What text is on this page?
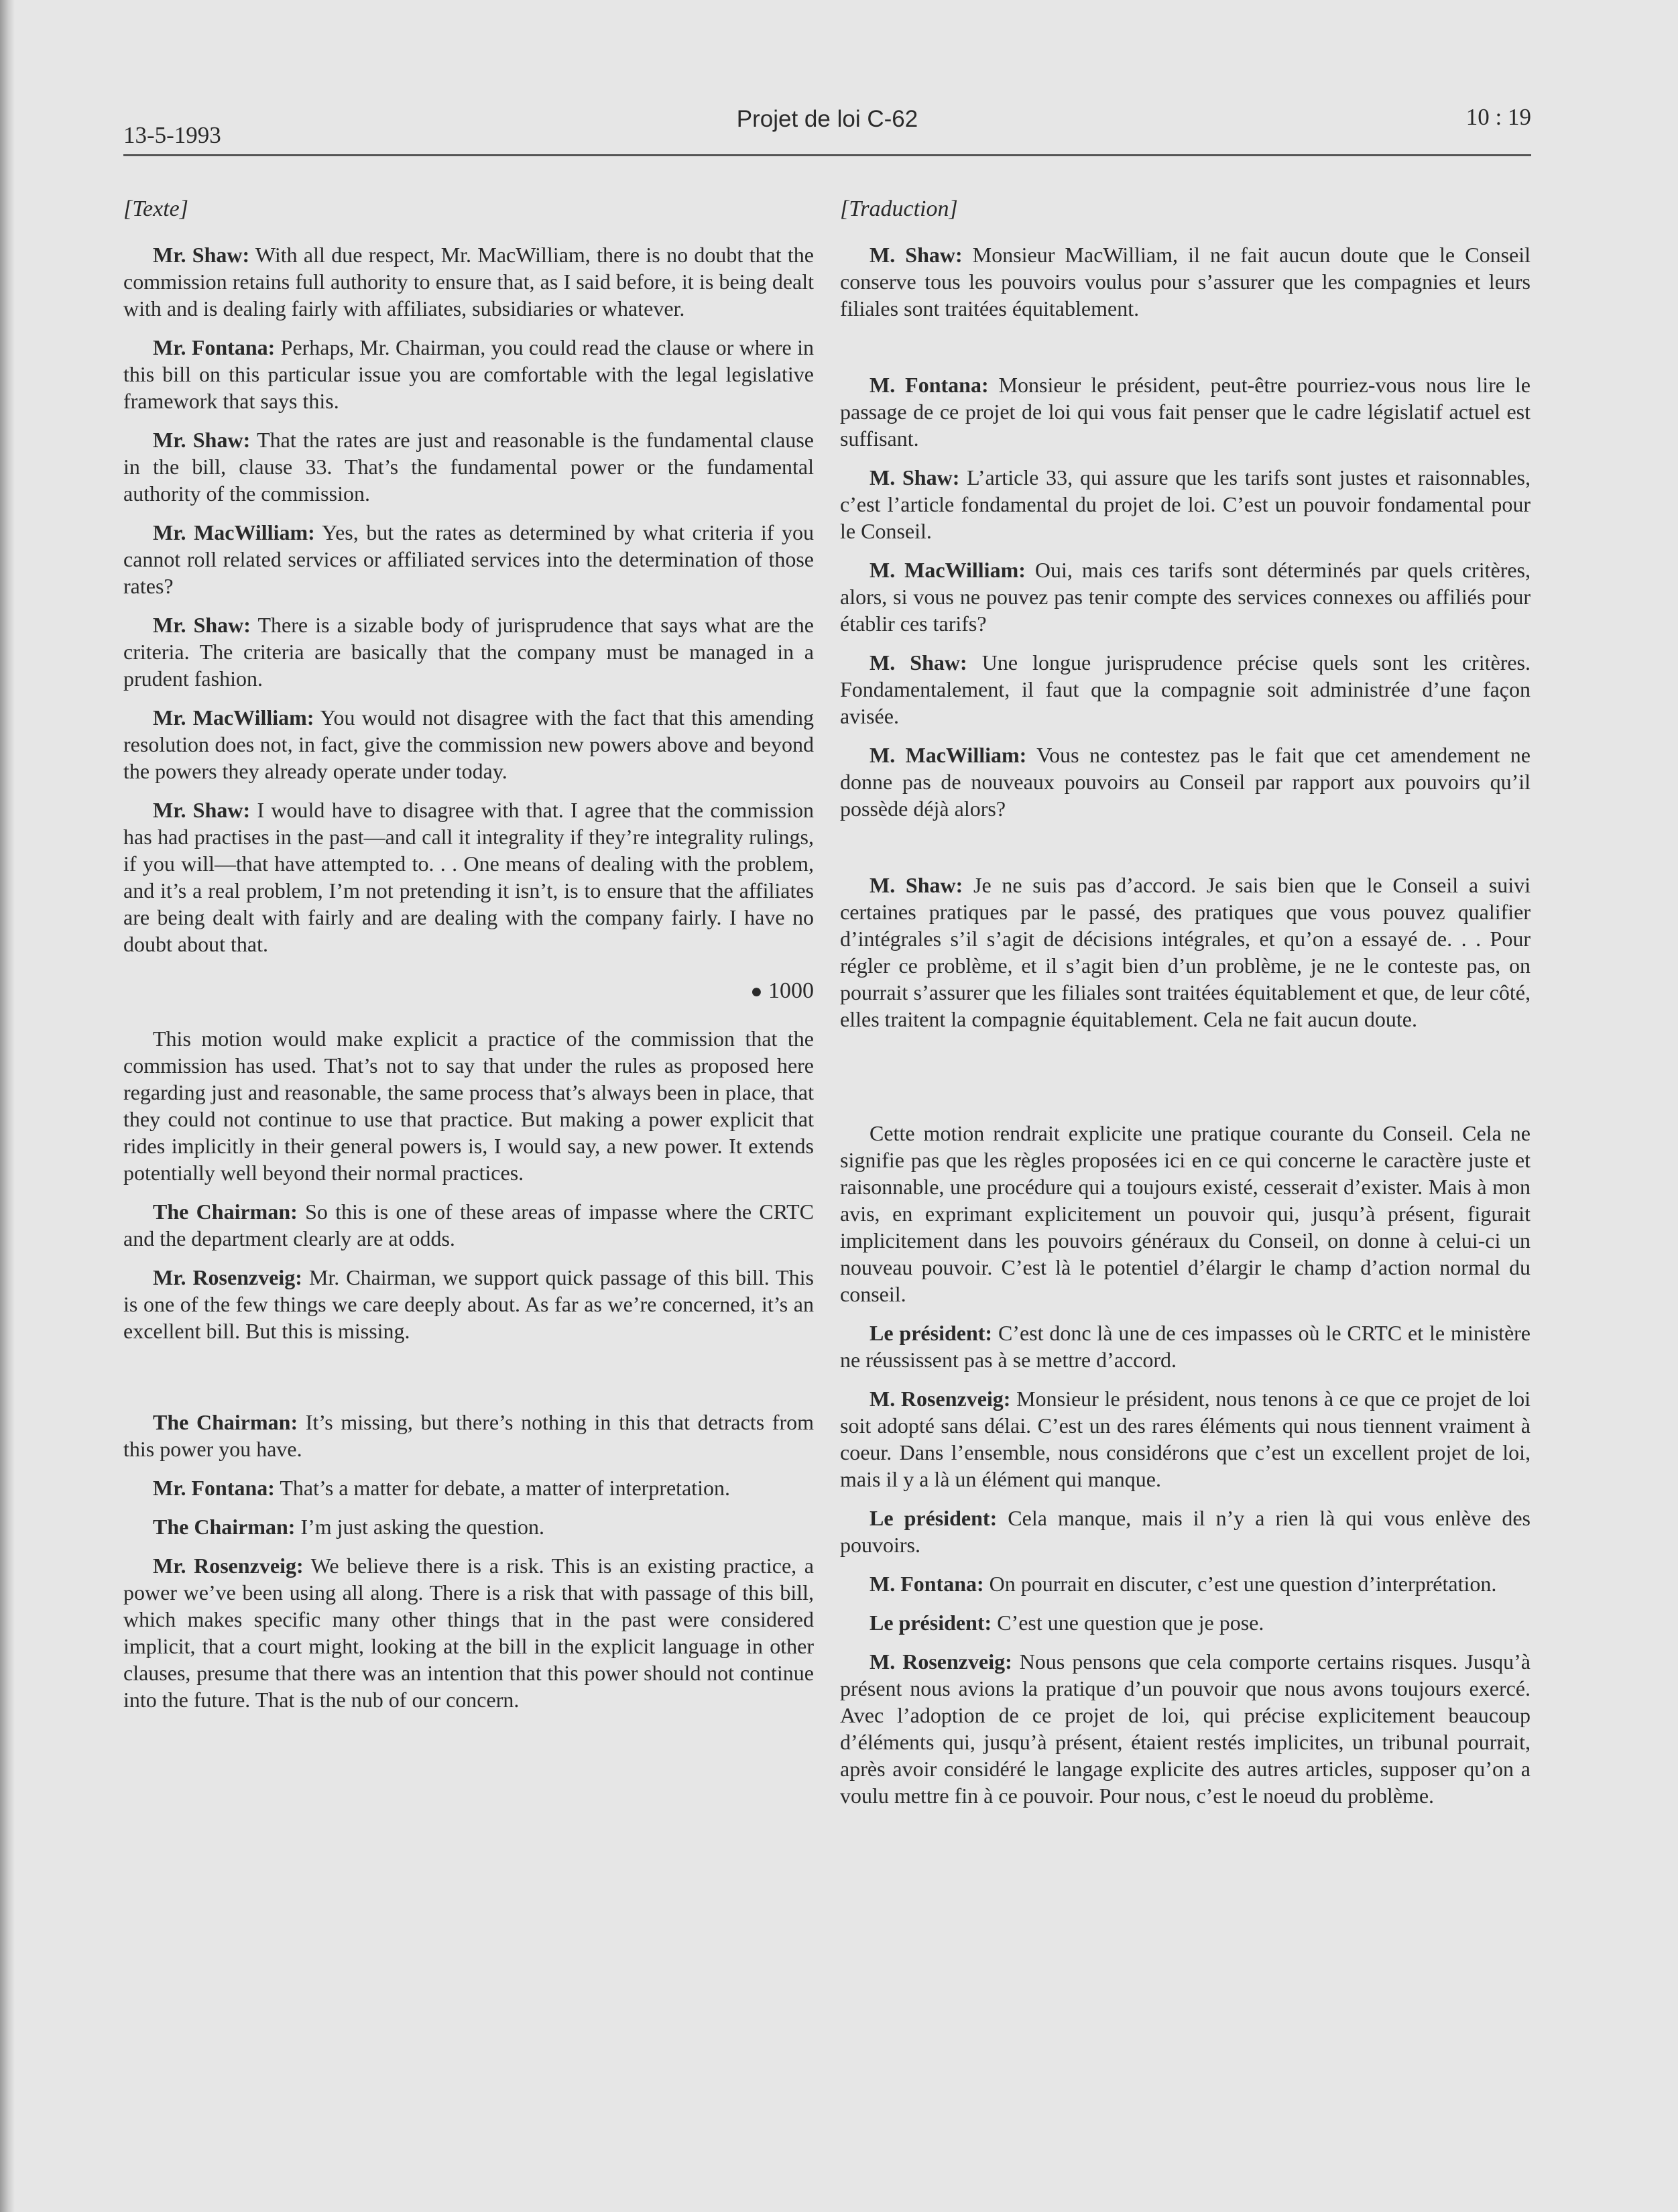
13-5-1993
Projet de loi C-62	10 : 19
[Texte]

Mr. Shaw: With all due respect, Mr. MacWilliam, there is no doubt that the commission retains full authority to ensure that, as I said before, it is being dealt with and is dealing fairly with affiliates, subsidiaries or whatever.

Mr. Fontana: Perhaps, Mr. Chairman, you could read the clause or where in this bill on this particular issue you are comfortable with the legal legislative framework that says this.

Mr. Shaw: That the rates are just and reasonable is the fundamental clause in the bill, clause 33. That’s the fundamental power or the fundamental authority of the commission.

Mr. MacWilliam: Yes, but the rates as determined by what criteria if you cannot roll related services or affiliated services into the determination of those rates?

Mr. Shaw: There is a sizable body of jurisprudence that says what are the criteria. The criteria are basically that the company must be managed in a prudent fashion.

Mr. MacWilliam: You would not disagree with the fact that this amending resolution does not, in fact, give the commission new powers above and beyond the powers they already operate under today.

Mr. Shaw: I would have to disagree with that. I agree that the commission has had practises in the past—and call it integrality if they’re integrality rulings, if you will—that have attempted to. . . One means of dealing with the problem, and it’s a real problem, I’m not pretending it isn’t, is to ensure that the affiliates are being dealt with fairly and are dealing with the company fairly. I have no doubt about that.

● 1000

This motion would make explicit a practice of the commission that the commission has used. That’s not to say that under the rules as proposed here regarding just and reasonable, the same process that’s always been in place, that they could not continue to use that practice. But making a power explicit that rides implicitly in their general powers is, I would say, a new power. It extends potentially well beyond their normal practices.

The Chairman: So this is one of these areas of impasse where the CRTC and the department clearly are at odds.

Mr. Rosenzveig: Mr. Chairman, we support quick passage of this bill. This is one of the few things we care deeply about. As far as we’re concerned, it’s an excellent bill. But this is missing.

The Chairman: It’s missing, but there’s nothing in this that detracts from this power you have.

Mr. Fontana: That’s a matter for debate, a matter of interpretation.

The Chairman: I’m just asking the question.

Mr. Rosenzveig: We believe there is a risk. This is an existing practice, a power we’ve been using all along. There is a risk that with passage of this bill, which makes specific many other things that in the past were considered implicit, that a court might, looking at the bill in the explicit language in other clauses, presume that there was an intention that this power should not continue into the future. That is the nub of our concern.

[Traduction]

M. Shaw: Monsieur MacWilliam, il ne fait aucun doute que le Conseil conserve tous les pouvoirs voulus pour s’assurer que les compagnies et leurs filiales sont traitées équitablement.

M. Fontana: Monsieur le président, peut-être pourriez-vous nous lire le passage de ce projet de loi qui vous fait penser que le cadre législatif actuel est suffisant.

M. Shaw: L’article 33, qui assure que les tarifs sont justes et raisonnables, c’est l’article fondamental du projet de loi. C’est un pouvoir fondamental pour le Conseil.

M. MacWilliam: Oui, mais ces tarifs sont déterminés par quels critères, alors, si vous ne pouvez pas tenir compte des services connexes ou affiliés pour établir ces tarifs?

M. Shaw: Une longue jurisprudence précise quels sont les critères. Fondamentalement, il faut que la compagnie soit administrée d’une façon avisée.

M. MacWilliam: Vous ne contestez pas le fait que cet amendement ne donne pas de nouveaux pouvoirs au Conseil par rapport aux pouvoirs qu’il possède déjà alors?

M. Shaw: Je ne suis pas d’accord. Je sais bien que le Conseil a suivi certaines pratiques par le passé, des pratiques que vous pouvez qualifier d’intégrales s’il s’agit de décisions intégrales, et qu’on a essayé de. . . Pour régler ce problème, et il s’agit bien d’un problème, je ne le conteste pas, on pourrait s’assurer que les filiales sont traitées équitablement et que, de leur côté, elles traitent la compagnie équitablement. Cela ne fait aucun doute.

Cette motion rendrait explicite une pratique courante du Conseil. Cela ne signifie pas que les règles proposées ici en ce qui concerne le caractère juste et raisonnable, une procédure qui a toujours existé, cesserait d’exister. Mais à mon avis, en exprimant explicitement un pouvoir qui, jusqu’à présent, figurait implicitement dans les pouvoirs généraux du Conseil, on donne à celui-ci un nouveau pouvoir. C’est là le potentiel d’élargir le champ d’action normal du conseil.

Le président: C’est donc là une de ces impasses où le CRTC et le ministère ne réussissent pas à se mettre d’accord.

M. Rosenzveig: Monsieur le président, nous tenons à ce que ce projet de loi soit adopté sans délai. C’est un des rares éléments qui nous tiennent vraiment à coeur. Dans l’ensemble, nous considérons que c’est un excellent projet de loi, mais il y a là un élément qui manque.

Le président: Cela manque, mais il n’y a rien là qui vous enlève des pouvoirs.

M. Fontana: On pourrait en discuter, c’est une question d’interprétation.

Le président: C’est une question que je pose.

M. Rosenzveig: Nous pensons que cela comporte certains risques. Jusqu’à présent nous avions la pratique d’un pouvoir que nous avons toujours exercé. Avec l’adoption de ce projet de loi, qui précise explicitement beaucoup d’éléments qui, jusqu’à présent, étaient restés implicites, un tribunal pourrait, après avoir considéré le langage explicite des autres articles, supposer qu’on a voulu mettre fin à ce pouvoir. Pour nous, c’est le noeud du problème.
